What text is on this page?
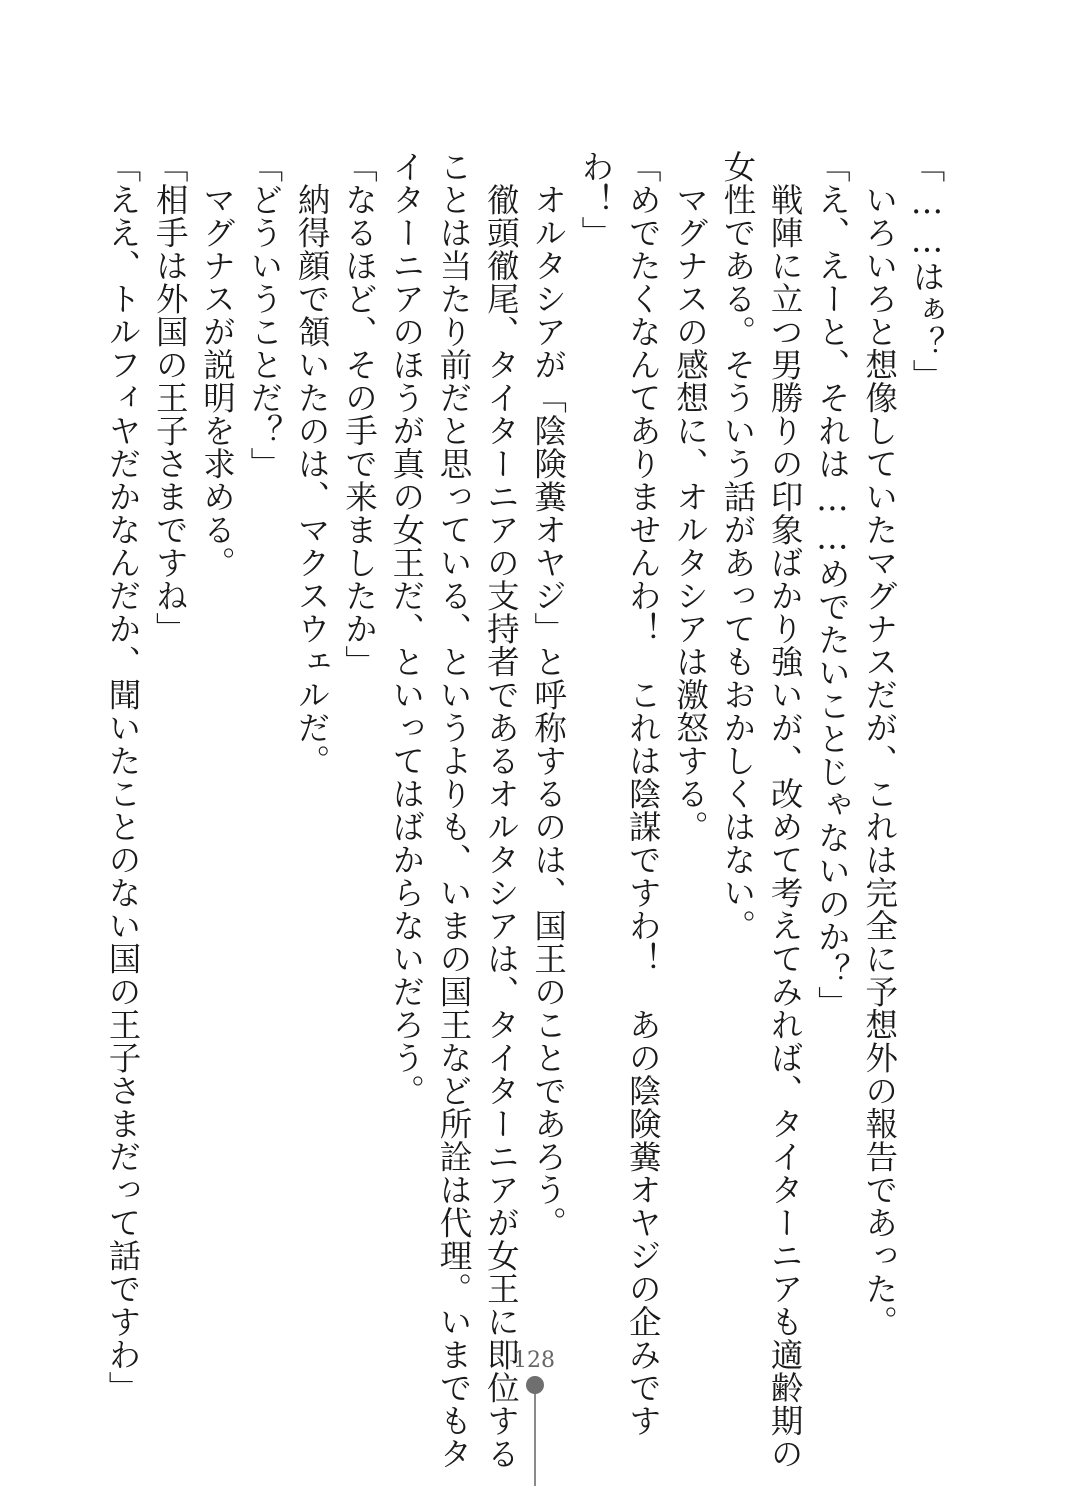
「……はぁ？」
　いろいろと想像していたマグナスだが、これは完全に予想外の報告であった。
「え、えーと、それは……めでたいことじゃないのか？」
　戦陣に立つ男勝りの印象ばかり強いが、改めて考えてみれば、タイターニアも適齢期の
女性である。そういう話があってもおかしくはない。
　マグナスの感想に、オルタシアは激怒する。
「めでたくなんてありませんわ！　これは陰謀ですわ！　あの陰険糞オヤジの企みです
わ！」
　オルタシアが「陰険糞オヤジ」と呼称するのは、国王のことであろう。
　徹頭徹尾、タイターニアの支持者であるオルタシアは、タイターニアが女王に即位する
ことは当たり前だと思っている、というよりも、いまの国王など所詮は代理。いまでもタ
イターニアのほうが真の女王だ、といってはばからないだろう。
「なるほど、その手で来ましたか」
　納得顔で頷いたのは、マクスウェルだ。
「どういうことだ？」
　マグナスが説明を求める。
「相手は外国の王子さまですね」
「ええ、トルフィヤだかなんだか、聞いたことのない国の王子さまだって話ですわ」	128
